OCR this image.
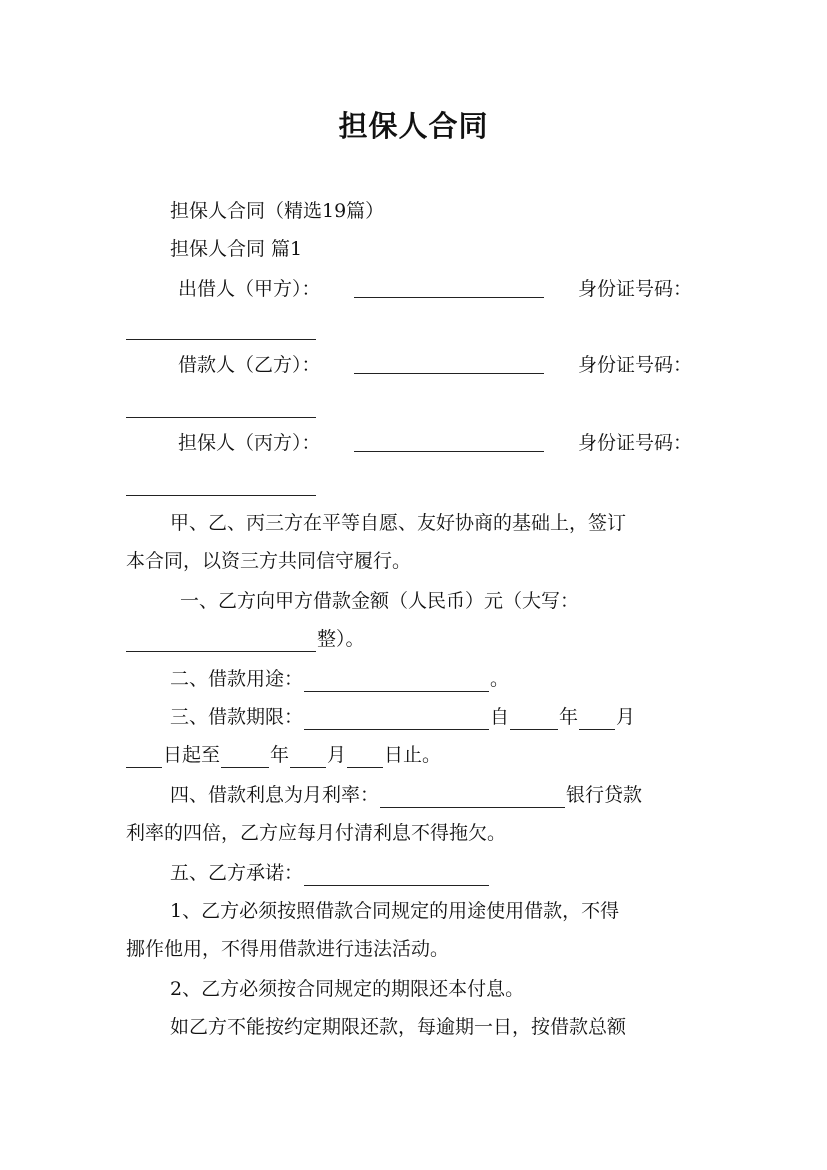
担保人合同

担保人合同（精选19篇）

担保人合同 篇1

出借人（甲方）：	身份证号码：

借款人（乙方）：	身份证号码：

担保人（丙方）：	身份证号码：

甲、乙、丙三方在平等自愿、友好协商的基础上，签订

本合同，以资三方共同信守履行。

一、乙方向甲方借款金额（人民币）元（大写：

整）。

二、借款用途：	。

三、借款期限：	自	年 月

日起至	年 月 日止。

四、借款利息为月利率：	银行贷款

利率的四倍，乙方应每月付清利息不得拖欠。

五、乙方承诺：

1、乙方必须按照借款合同规定的用途使用借款，不得

挪作他用，不得用借款进行违法活动。

2、乙方必须按合同规定的期限还本付息。

如乙方不能按约定期限还款，每逾期一日，按借款总额
